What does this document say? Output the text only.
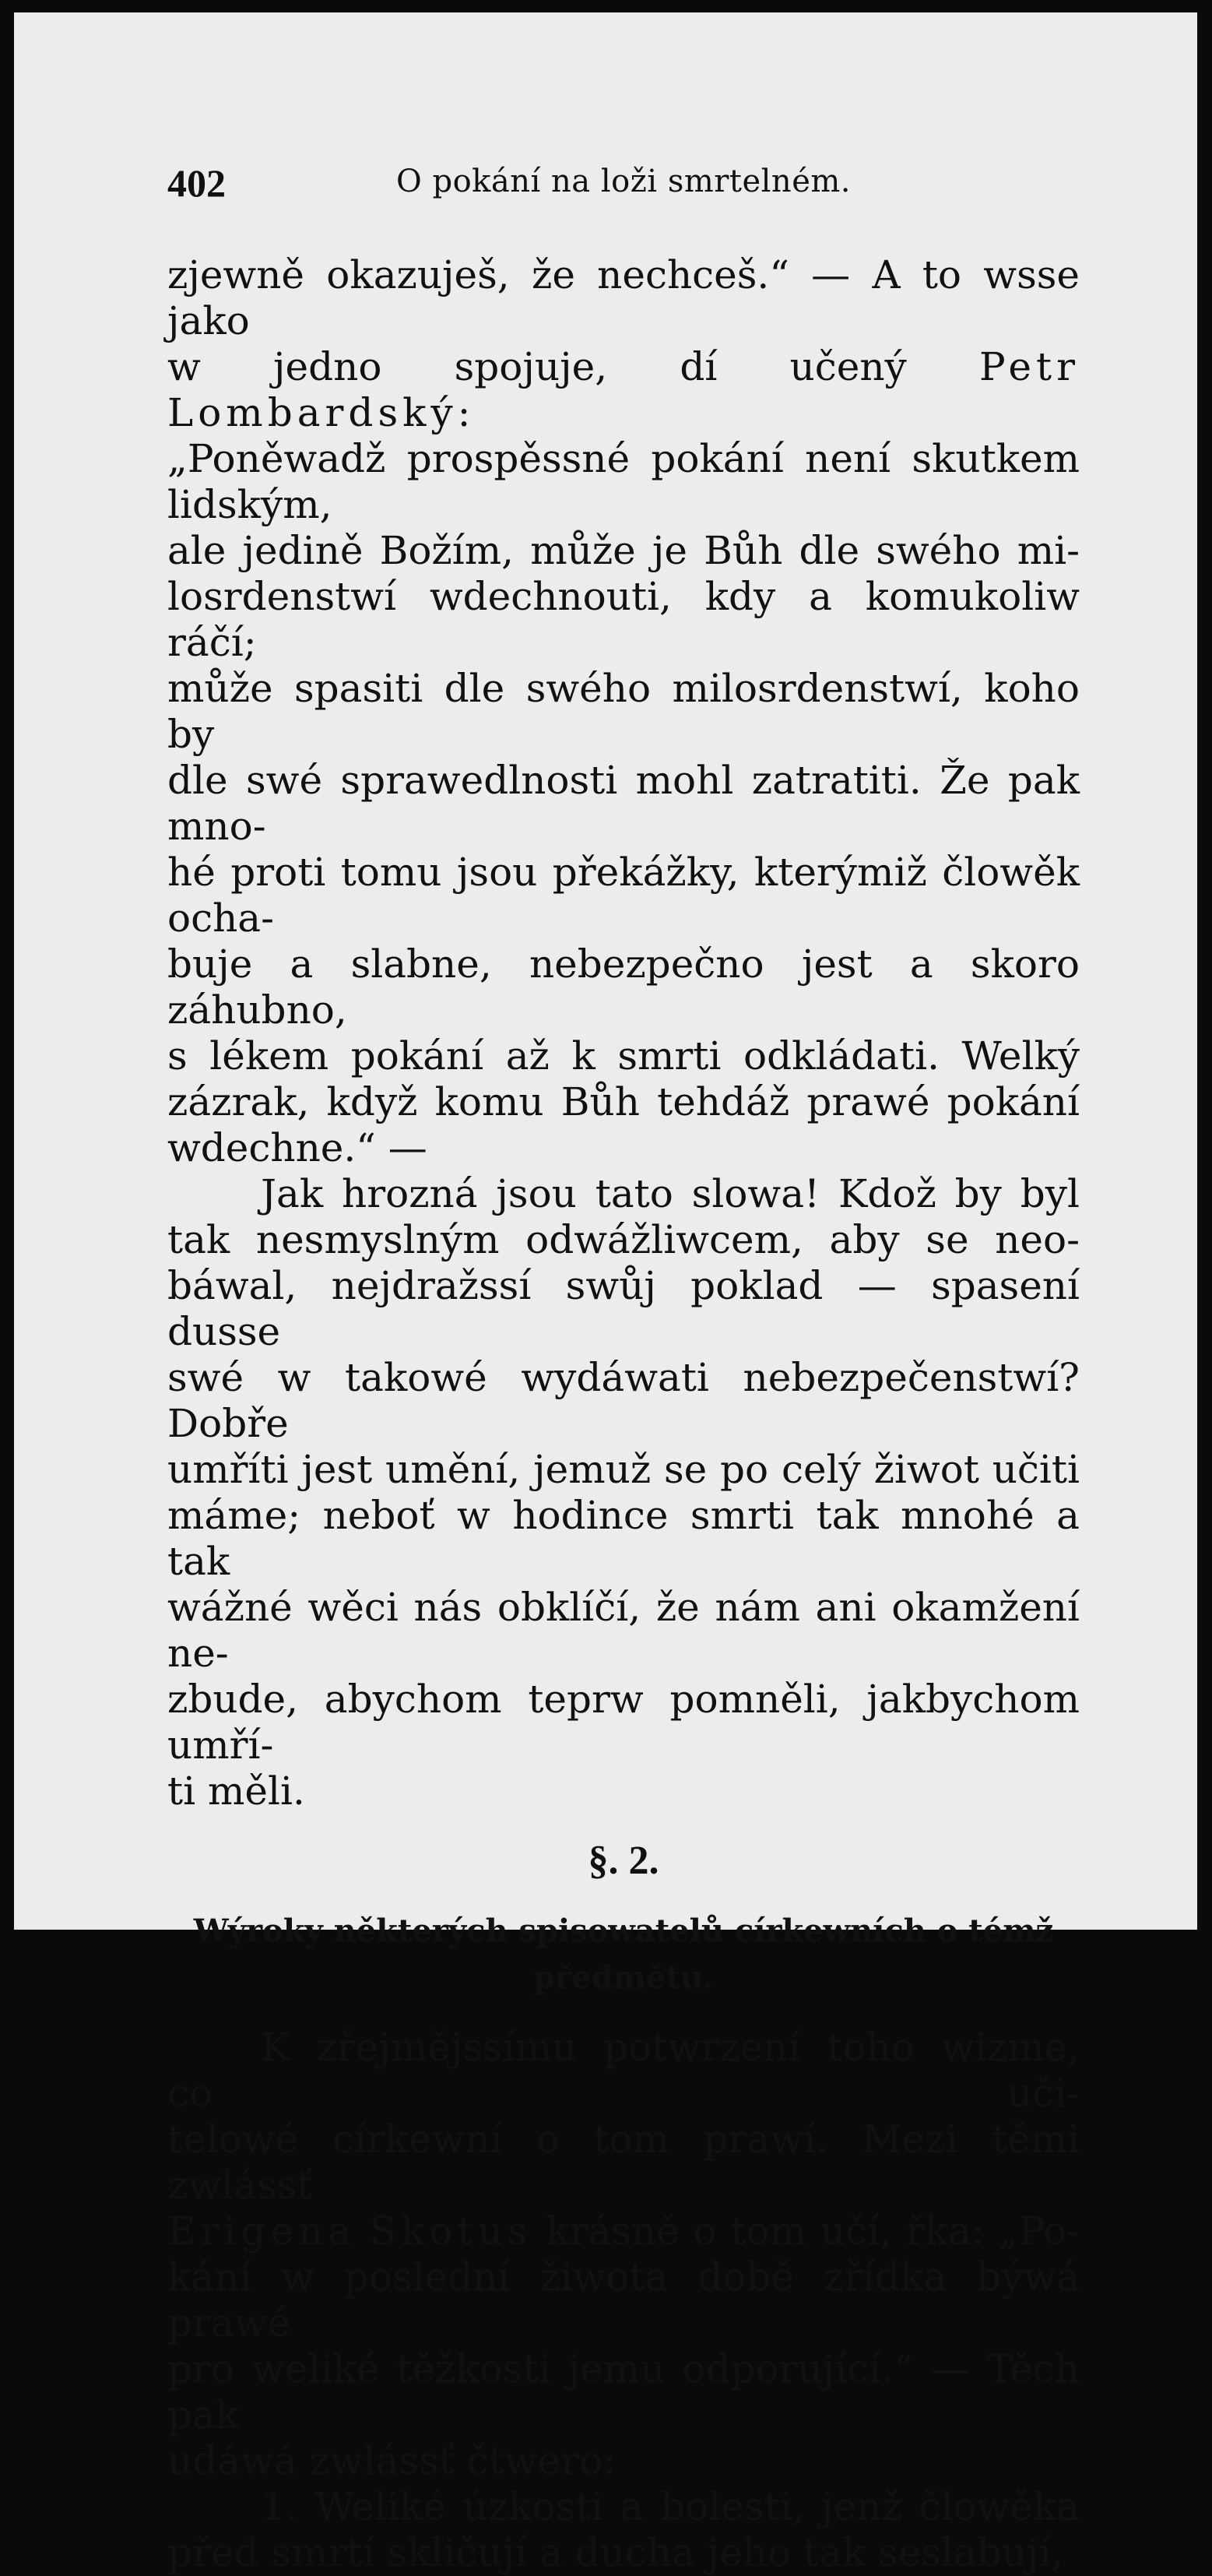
402	O pokání na loži smrtelném.

zjewně okazuješ, že nechceš.“ — A to wsse jako

w jedno spojuje, dí učený Petr Lombardský:

„Poněwadž prospěssné pokání není skutkem lidským,

ale jedině Božím, může je Bůh dle swého mi-

losrdenstwí wdechnouti, kdy a komukoliw ráčí;

může spasiti dle swého milosrdenstwí, koho by

dle swé sprawedlnosti mohl zatratiti. Že pak mno-

hé proti tomu jsou překážky, kterýmiž člowěk ocha-

buje a slabne, nebezpečno jest a skoro záhubno,

s lékem pokání až k smrti odkládati. Welký

zázrak, když komu Bůh tehdáž prawé pokání

wdechne.“ —

Jak hrozná jsou tato slowa! Kdož by byl

tak nesmyslným odwážliwcem, aby se neo-

báwal, nejdražssí swůj poklad — spasení dusse

swé w takowé wydáwati nebezpečenstwí? Dobře

umříti jest umění, jemuž se po celý žiwot učiti

máme; neboť w hodince smrti tak mnohé a tak

wážné wěci nás obklíčí, že nám ani okamžení ne-

zbude, abychom teprw pomněli, jakbychom umří-

ti měli.

§. 2.
Wýroky některých spisowatelů církewních o témž předmětu.

K zřejmějssímu potwrzení toho wizme, co uči-

telowé církewní o tom prawí. Mezi těmi zwlássť

Erigena Skotus krásně o tom učí, řka: „Po-

kání w poslední žiwota době zřídka býwá prawé

pro weliké těžkosti jemu odporující.“ — Těch pak

udáwá zwlássť čtwero:

1. Weliké úzkosti a bolesti, jenž člowěka

před smrtí skličují a ducha jeho tak seslabují,
